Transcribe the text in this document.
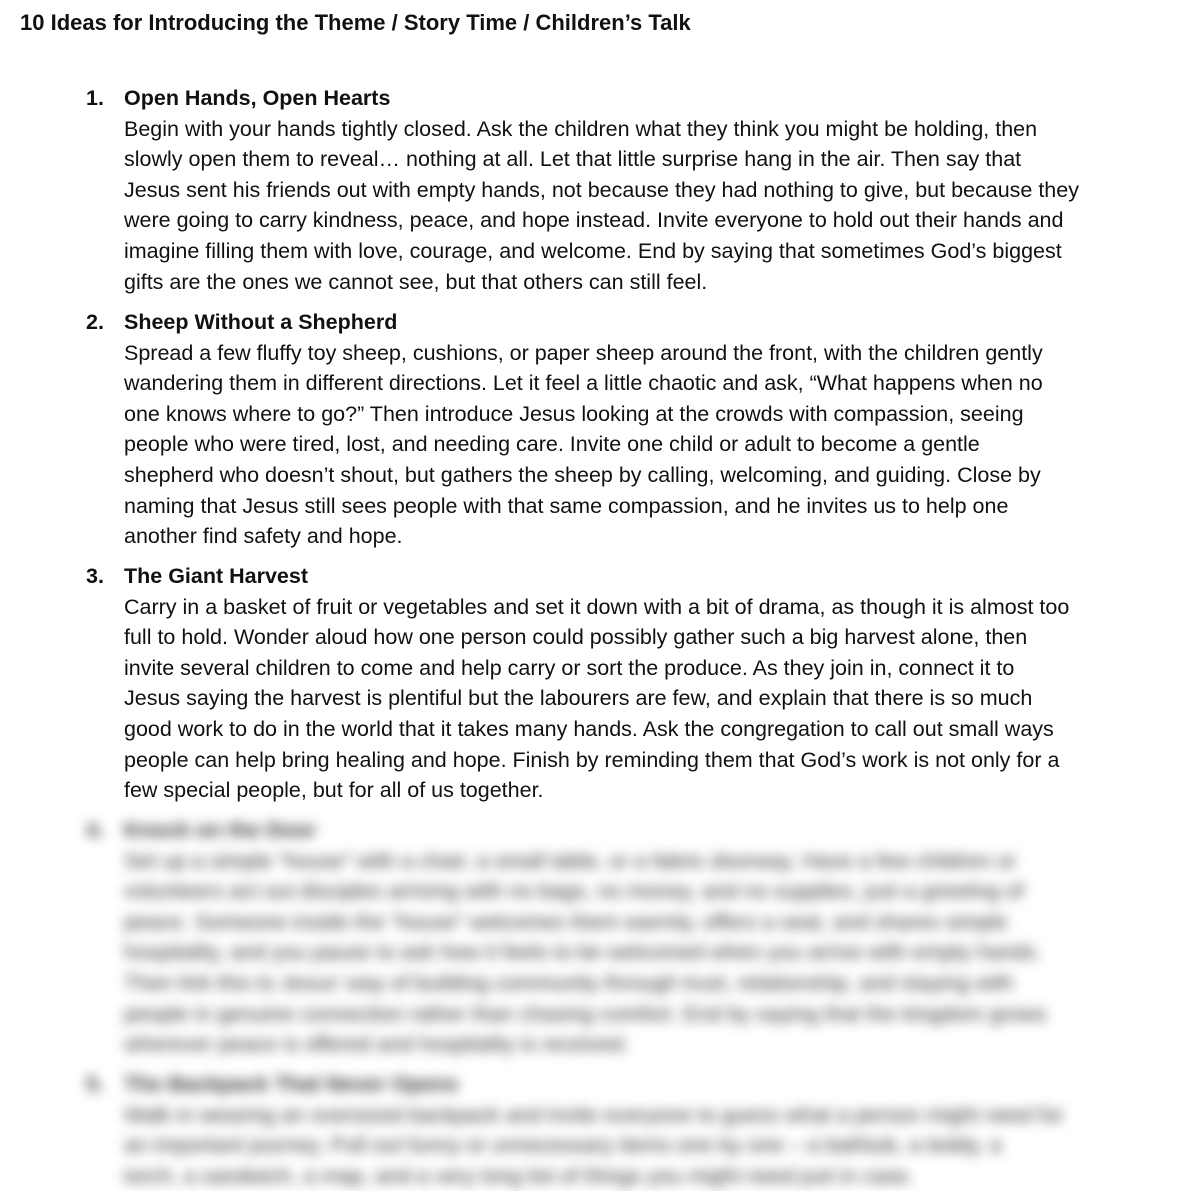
10 Ideas for Introducing the Theme / Story Time / Children’s Talk
1. Open Hands, Open Hearts

Begin with your hands tightly closed. Ask the children what they think you might be holding, then
slowly open them to reveal… nothing at all. Let that little surprise hang in the air. Then say that
Jesus sent his friends out with empty hands, not because they had nothing to give, but because they
were going to carry kindness, peace, and hope instead. Invite everyone to hold out their hands and
imagine filling them with love, courage, and welcome. End by saying that sometimes God’s biggest
gifts are the ones we cannot see, but that others can still feel.

2. Sheep Without a Shepherd

Spread a few fluffy toy sheep, cushions, or paper sheep around the front, with the children gently
wandering them in different directions. Let it feel a little chaotic and ask, “What happens when no
one knows where to go?” Then introduce Jesus looking at the crowds with compassion, seeing
people who were tired, lost, and needing care. Invite one child or adult to become a gentle
shepherd who doesn’t shout, but gathers the sheep by calling, welcoming, and guiding. Close by
naming that Jesus still sees people with that same compassion, and he invites us to help one
another find safety and hope.

3. The Giant Harvest

Carry in a basket of fruit or vegetables and set it down with a bit of drama, as though it is almost too
full to hold. Wonder aloud how one person could possibly gather such a big harvest alone, then
invite several children to come and help carry or sort the produce. As they join in, connect it to
Jesus saying the harvest is plentiful but the labourers are few, and explain that there is so much
good work to do in the world that it takes many hands. Ask the congregation to call out small ways
people can help bring healing and hope. Finish by reminding them that God’s work is not only for a
few special people, but for all of us together.

4. Knock on the Door

Set up a simple “house” with a chair, a small table, or a fabric doorway. Have a few children or
volunteers act out disciples arriving with no bags, no money, and no supplies, just a greeting of
peace. Someone inside the “house” welcomes them warmly, offers a seat, and shares simple
hospitality, and you pause to ask how it feels to be welcomed when you arrive with empty hands.
Then link this to Jesus’ way of building community through trust, relationship, and staying with
people in genuine connection rather than chasing comfort. End by saying that the kingdom grows
wherever peace is offered and hospitality is received.

5. The Backpack That Never Opens

Walk in wearing an oversized backpack and invite everyone to guess what a person might need for
an important journey. Pull out funny or unnecessary items one by one – a bathtub, a teddy, a
torch, a sandwich, a map, and a very long list of things you might need just in case.
